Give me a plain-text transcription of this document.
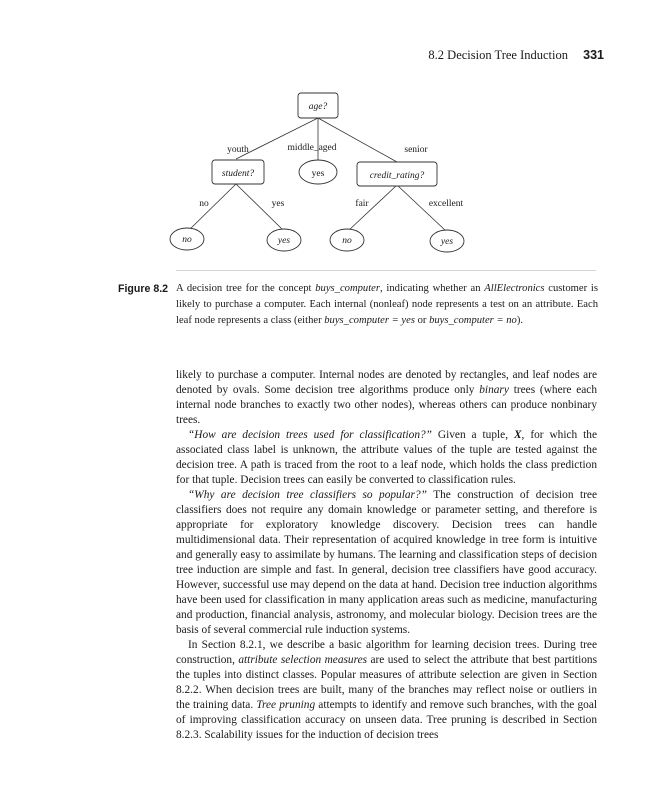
8.2 Decision Tree Induction 331
age?
student?	yes	credit_rating?
no	yes	no	yes
youth	middle_aged	senior
no	yes	fair	excellent
Figure 8.2 A decision tree for the concept buys_computer, indicating whether an AllElectronics customer is likely to purchase a computer. Each internal (nonleaf) node represents a test on an attribute. Each leaf node represents a class (either buys_computer = yes or buys_computer = no).

likely to purchase a computer. Internal nodes are denoted by rectangles, and leaf nodes are denoted by ovals. Some decision tree algorithms produce only binary trees (where each internal node branches to exactly two other nodes), whereas others can produce nonbinary trees.

“How are decision trees used for classification?” Given a tuple, X, for which the associated class label is unknown, the attribute values of the tuple are tested against the decision tree. A path is traced from the root to a leaf node, which holds the class prediction for that tuple. Decision trees can easily be converted to classification rules.

“Why are decision tree classifiers so popular?” The construction of decision tree classifiers does not require any domain knowledge or parameter setting, and therefore is appropriate for exploratory knowledge discovery. Decision trees can handle multidimensional data. Their representation of acquired knowledge in tree form is intuitive and generally easy to assimilate by humans. The learning and classification steps of decision tree induction are simple and fast. In general, decision tree classifiers have good accuracy. However, successful use may depend on the data at hand. Decision tree induction algorithms have been used for classification in many application areas such as medicine, manufacturing and production, financial analysis, astronomy, and molecular biology. Decision trees are the basis of several commercial rule induction systems.

In Section 8.2.1, we describe a basic algorithm for learning decision trees. During tree construction, attribute selection measures are used to select the attribute that best partitions the tuples into distinct classes. Popular measures of attribute selection are given in Section 8.2.2. When decision trees are built, many of the branches may reflect noise or outliers in the training data. Tree pruning attempts to identify and remove such branches, with the goal of improving classification accuracy on unseen data. Tree pruning is described in Section 8.2.3. Scalability issues for the induction of decision trees
